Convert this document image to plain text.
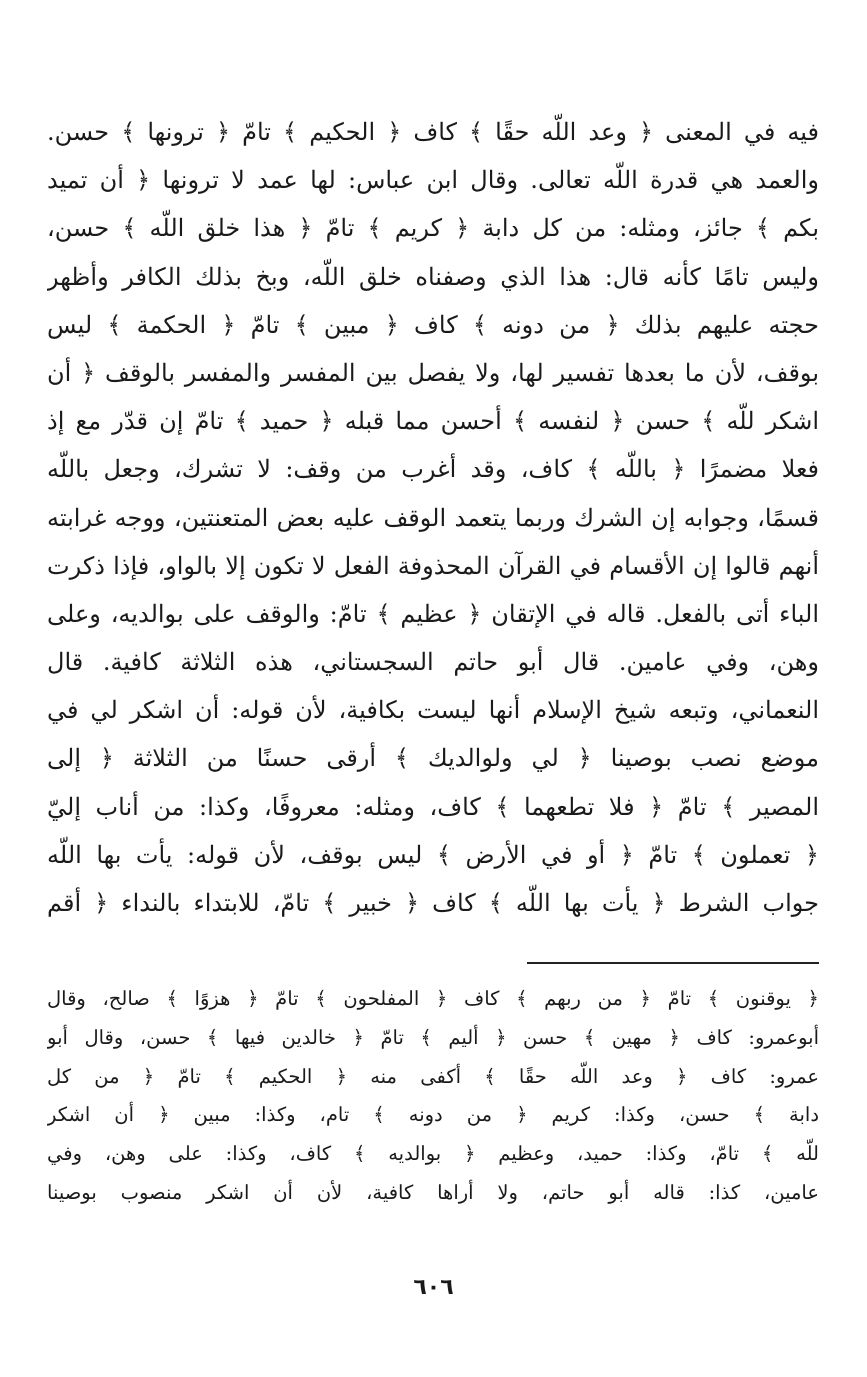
فيه في المعنى ﴿ وعد اللّه حقًا ﴾ كاف ﴿ الحكيم ﴾ تامّ ﴿ ترونها ﴾ حسن.
والعمد هي قدرة اللّه تعالى. وقال ابن عباس: لها عمد لا ترونها ﴿ أن تميد
بكم ﴾ جائز، ومثله: من كل دابة ﴿ كريم ﴾ تامّ ﴿ هذا خلق اللّه ﴾ حسن،
وليس تامًا كأنه قال: هذا الذي وصفناه خلق اللّه، وبخ بذلك الكافر وأظهر
حجته عليهم بذلك ﴿ من دونه ﴾ كاف ﴿ مبين ﴾ تامّ ﴿ الحكمة ﴾ ليس
بوقف، لأن ما بعدها تفسير لها، ولا يفصل بين المفسر والمفسر بالوقف ﴿ أن
اشكر للّه ﴾ حسن ﴿ لنفسه ﴾ أحسن مما قبله ﴿ حميد ﴾ تامّ إن قدّر مع إذ
فعلا مضمرًا ﴿ باللّه ﴾ كاف، وقد أغرب من وقف: لا تشرك، وجعل باللّه
قسمًا، وجوابه إن الشرك وربما يتعمد الوقف عليه بعض المتعنتين، ووجه غرابته
أنهم قالوا إن الأقسام في القرآن المحذوفة الفعل لا تكون إلا بالواو، فإذا ذكرت
الباء أتى بالفعل. قاله في الإتقان ﴿ عظيم ﴾ تامّ: والوقف على بوالديه، وعلى
وهن، وفي عامين. قال أبو حاتم السجستاني، هذه الثلاثة كافية. قال
النعماني، وتبعه شيخ الإسلام أنها ليست بكافية، لأن قوله: أن اشكر لي في
موضع نصب بوصينا ﴿ لي ولوالديك ﴾ أرقى حسنًا من الثلاثة ﴿ إلى
المصير ﴾ تامّ ﴿ فلا تطعهما ﴾ كاف، ومثله: معروفًا، وكذا: من أناب إليّ
﴿ تعملون ﴾ تامّ ﴿ أو في الأرض ﴾ ليس بوقف، لأن قوله: يأت بها اللّه
جواب الشرط ﴿ يأت بها اللّه ﴾ كاف ﴿ خبير ﴾ تامّ، للابتداء بالنداء ﴿ أقم
﴿ يوقنون ﴾ تامّ ﴿ من ربهم ﴾ كاف ﴿ المفلحون ﴾ تامّ ﴿ هزوًا ﴾ صالح، وقال
أبوعمرو: كاف ﴿ مهين ﴾ حسن ﴿ أليم ﴾ تامّ ﴿ خالدين فيها ﴾ حسن، وقال أبو
عمرو: كاف ﴿ وعد اللّه حقًا ﴾ أكفى منه ﴿ الحكيم ﴾ تامّ ﴿ من كل
دابة ﴾ حسن، وكذا: كريم ﴿ من دونه ﴾ تام، وكذا: مبين ﴿ أن اشكر
للّه ﴾ تامّ، وكذا: حميد، وعظيم ﴿ بوالديه ﴾ كاف، وكذا: على وهن، وفي
عامين، كذا: قاله أبو حاتم، ولا أراها كافية، لأن أن اشكر منصوب بوصينا
٦٠٦
